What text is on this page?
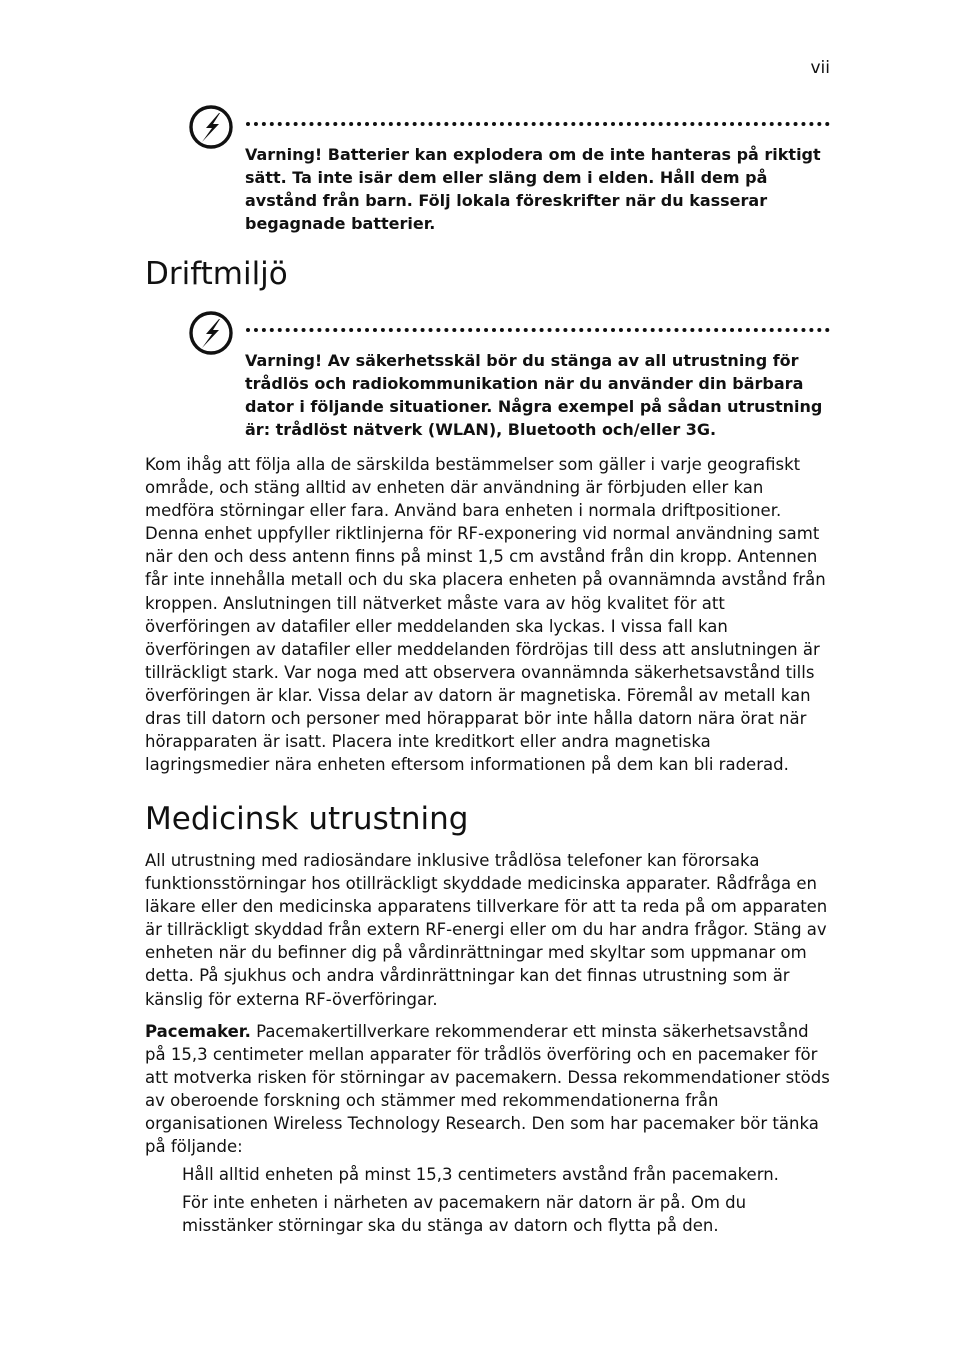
vii

Varning! Batterier kan explodera om de inte hanteras på riktigt sätt. Ta inte isär dem eller släng dem i elden. Håll dem på avstånd från barn. Följ lokala föreskrifter när du kasserar begagnade batterier.

Driftmiljö

Varning! Av säkerhetsskäl bör du stänga av all utrustning för trådlös och radiokommunikation när du använder din bärbara dator i följande situationer. Några exempel på sådan utrustning är: trådlöst nätverk (WLAN), Bluetooth och/eller 3G.

Kom ihåg att följa alla de särskilda bestämmelser som gäller i varje geografiskt område, och stäng alltid av enheten där användning är förbjuden eller kan medföra störningar eller fara. Använd bara enheten i normala driftpositioner. Denna enhet uppfyller riktlinjerna för RF-exponering vid normal användning samt när den och dess antenn finns på minst 1,5 cm avstånd från din kropp. Antennen får inte innehålla metall och du ska placera enheten på ovannämnda avstånd från kroppen. Anslutningen till nätverket måste vara av hög kvalitet för att överföringen av datafiler eller meddelanden ska lyckas. I vissa fall kan överföringen av datafiler eller meddelanden fördröjas till dess att anslutningen är tillräckligt stark. Var noga med att observera ovannämnda säkerhetsavstånd tills överföringen är klar. Vissa delar av datorn är magnetiska. Föremål av metall kan dras till datorn och personer med hörapparat bör inte hålla datorn nära örat när hörapparaten är isatt. Placera inte kreditkort eller andra magnetiska lagringsmedier nära enheten eftersom informationen på dem kan bli raderad.

Medicinsk utrustning

All utrustning med radiosändare inklusive trådlösa telefoner kan förorsaka funktionsstörningar hos otillräckligt skyddade medicinska apparater. Rådfråga en läkare eller den medicinska apparatens tillverkare för att ta reda på om apparaten är tillräckligt skyddad från extern RF-energi eller om du har andra frågor. Stäng av enheten när du befinner dig på vårdinrättningar med skyltar som uppmanar om detta. På sjukhus och andra vårdinrättningar kan det finnas utrustning som är känslig för externa RF-överföringar.

Pacemaker. Pacemakertillverkare rekommenderar ett minsta säkerhetsavstånd på 15,3 centimeter mellan apparater för trådlös överföring och en pacemaker för att motverka risken för störningar av pacemakern. Dessa rekommendationer stöds av oberoende forskning och stämmer med rekommendationerna från organisationen Wireless Technology Research. Den som har pacemaker bör tänka på följande:

Håll alltid enheten på minst 15,3 centimeters avstånd från pacemakern.

För inte enheten i närheten av pacemakern när datorn är på. Om du misstänker störningar ska du stänga av datorn och flytta på den.
